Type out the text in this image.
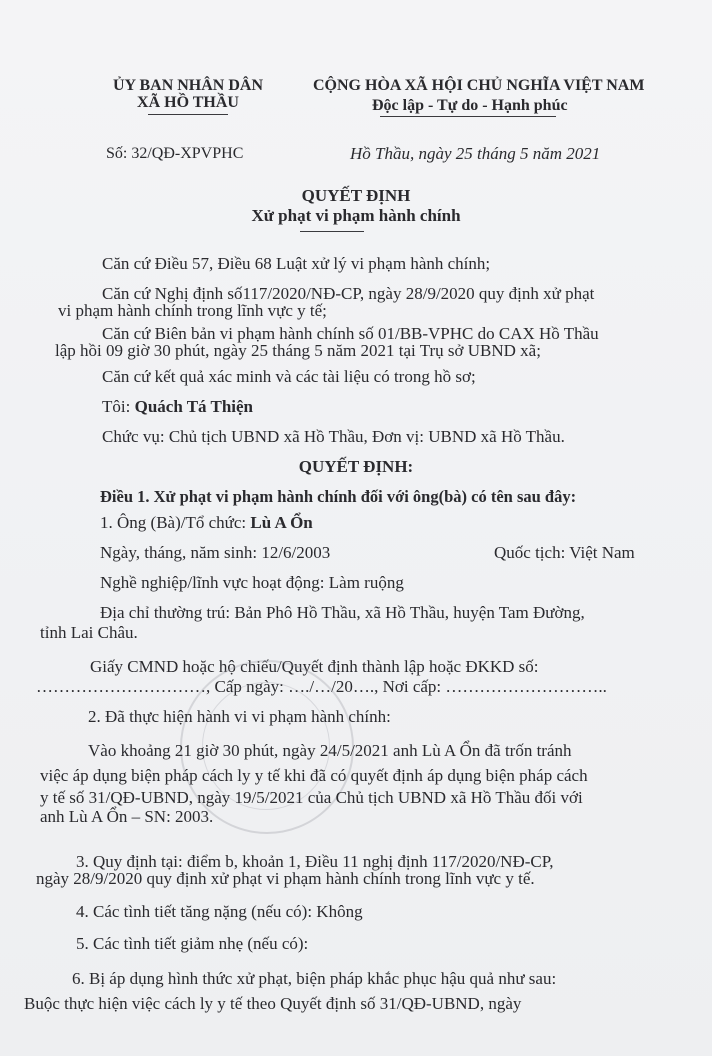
ỦY BAN NHÂN DÂN
XÃ HỒ THẦU
CỘNG HÒA XÃ HỘI CHỦ NGHĨA VIỆT NAM
Độc lập - Tự do - Hạnh phúc
Số: 32/QĐ-XPVPHC	Hồ Thầu, ngày 25 tháng 5 năm 2021
QUYẾT ĐỊNH
Xử phạt vi phạm hành chính
Căn cứ Điều 57, Điều 68 Luật xử lý vi phạm hành chính;
Căn cứ Nghị định số117/2020/NĐ-CP, ngày 28/9/2020 quy định xử phạt
vi phạm hành chính trong lĩnh vực y tế;
Căn cứ Biên bản vi phạm hành chính số 01/BB-VPHC do CAX Hồ Thầu
lập hồi 09 giờ 30 phút, ngày 25 tháng 5 năm 2021 tại Trụ sở UBND xã;
Căn cứ kết quả xác minh và các tài liệu có trong hồ sơ;
Tôi: Quách Tá Thiện
Chức vụ: Chủ tịch UBND xã Hồ Thầu, Đơn vị: UBND xã Hồ Thầu.
QUYẾT ĐỊNH:
Điều 1. Xử phạt vi phạm hành chính đối với ông(bà) có tên sau đây:
1. Ông (Bà)/Tổ chức: Lù A Ổn
Ngày, tháng, năm sinh: 12/6/2003	Quốc tịch: Việt Nam
Nghề nghiệp/lĩnh vực hoạt động: Làm ruộng
Địa chỉ thường trú: Bản Phô Hồ Thầu, xã Hồ Thầu, huyện Tam Đường,
tỉnh Lai Châu.
Giấy CMND hoặc hộ chiếu/Quyết định thành lập hoặc ĐKKD số:
…………………………, Cấp ngày: …./…/20…., Nơi cấp: ………………………..
2. Đã thực hiện hành vi vi phạm hành chính:
Vào khoảng 21 giờ 30 phút, ngày 24/5/2021 anh Lù A Ổn đã trốn tránh
việc áp dụng biện pháp cách ly y tế khi đã có quyết định áp dụng biện pháp cách
y tế số 31/QĐ-UBND, ngày 19/5/2021 của Chủ tịch UBND xã Hồ Thầu đối với
anh Lù A Ổn – SN: 2003.
3. Quy định tại: điểm b, khoản 1, Điều 11 nghị định 117/2020/NĐ-CP,
ngày 28/9/2020 quy định xử phạt vi phạm hành chính trong lĩnh vực y tế.
4. Các tình tiết tăng nặng (nếu có): Không
5. Các tình tiết giảm nhẹ (nếu có):
6. Bị áp dụng hình thức xử phạt, biện pháp khắc phục hậu quả như sau:
Buộc thực hiện việc cách ly y tế theo Quyết định số 31/QĐ-UBND, ngày
